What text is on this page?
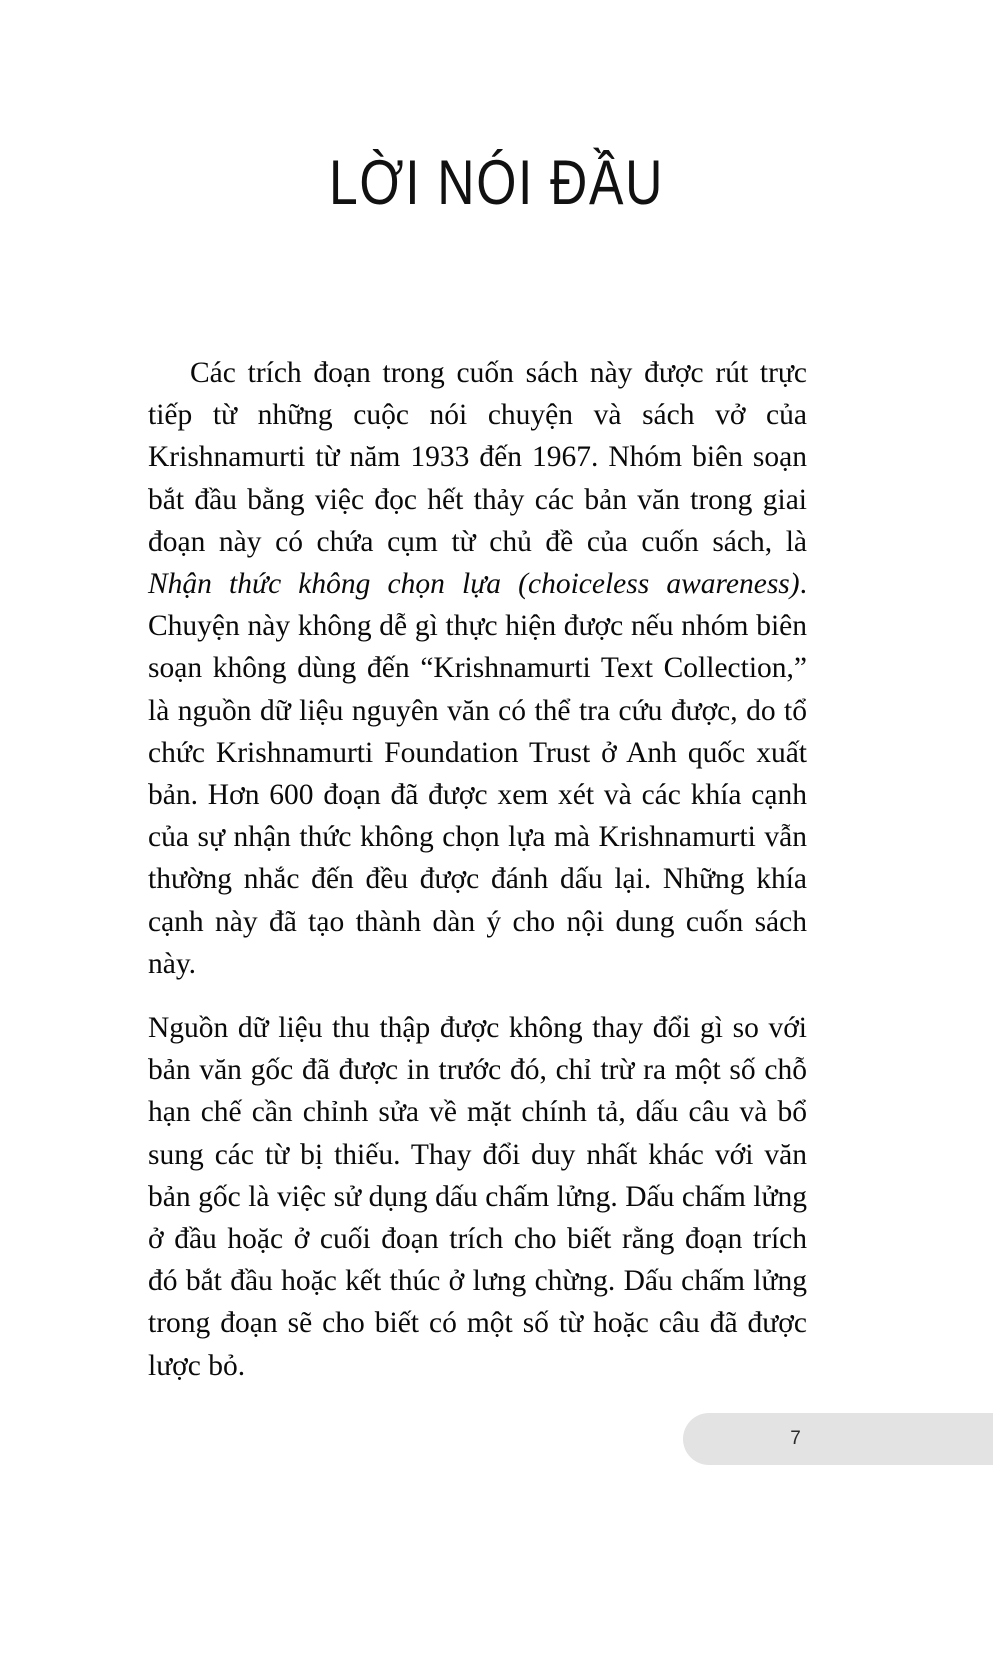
LỜI NÓI ĐẦU

Các trích đoạn trong cuốn sách này được rút trực tiếp từ những cuộc nói chuyện và sách vở của Krishnamurti từ năm 1933 đến 1967. Nhóm biên soạn bắt đầu bằng việc đọc hết thảy các bản văn trong giai đoạn này có chứa cụm từ chủ đề của cuốn sách, là Nhận thức không chọn lựa (choiceless awareness). Chuyện này không dễ gì thực hiện được nếu nhóm biên soạn không dùng đến “Krishnamurti Text Collection,” là nguồn dữ liệu nguyên văn có thể tra cứu được, do tổ chức Krishnamurti Foundation Trust ở Anh quốc xuất bản. Hơn 600 đoạn đã được xem xét và các khía cạnh của sự nhận thức không chọn lựa mà Krishnamurti vẫn thường nhắc đến đều được đánh dấu lại. Những khía cạnh này đã tạo thành dàn ý cho nội dung cuốn sách này.

Nguồn dữ liệu thu thập được không thay đổi gì so với bản văn gốc đã được in trước đó, chỉ trừ ra một số chỗ hạn chế cần chỉnh sửa về mặt chính tả, dấu câu và bổ sung các từ bị thiếu. Thay đổi duy nhất khác với văn bản gốc là việc sử dụng dấu chấm lửng. Dấu chấm lửng ở đầu hoặc ở cuối đoạn trích cho biết rằng đoạn trích đó bắt đầu hoặc kết thúc ở lưng chừng. Dấu chấm lửng trong đoạn sẽ cho biết có một số từ hoặc câu đã được lược bỏ.

7
